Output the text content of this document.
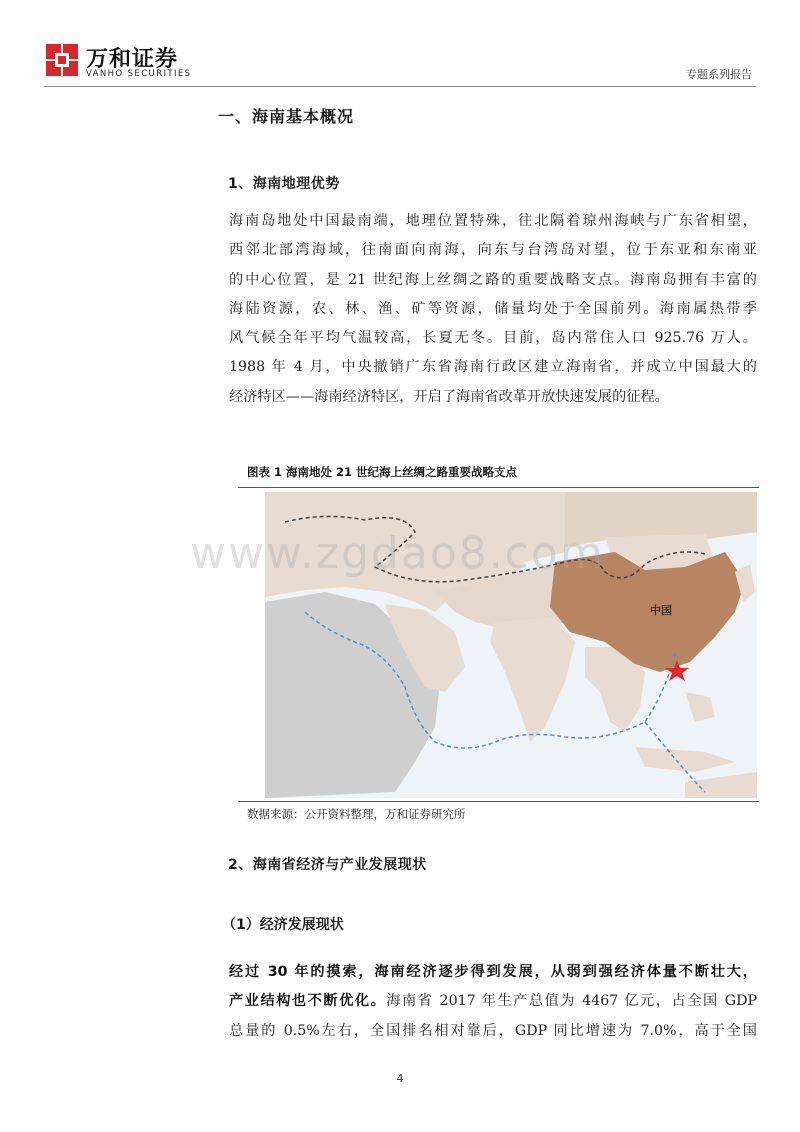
万和证券
VANHO SECURITIES	专题系列报告
一、海南基本概况
1、海南地理优势
海南岛地处中国最南端，地理位置特殊，往北隔着琼州海峡与广东省相望，
西邻北部湾海域，往南面向南海，向东与台湾岛对望，位于东亚和东南亚
的中心位置，是 21 世纪海上丝绸之路的重要战略支点。海南岛拥有丰富的
海陆资源，农、林、渔、矿等资源，储量均处于全国前列。海南属热带季
风气候全年平均气温较高，长夏无冬。目前，岛内常住人口 925.76 万人。
1988 年 4 月，中央撤销广东省海南行政区建立海南省，并成立中国最大的
经济特区——海南经济特区，开启了海南省改革开放快速发展的征程。
图表 1 海南地处 21 世纪海上丝绸之路重要战略支点
中国
www.zgdao8.com
数据来源：公开资料整理，万和证券研究所
2、海南省经济与产业发展现状
（1）经济发展现状
经过 30 年的摸索，海南经济逐步得到发展，从弱到强经济体量不断壮大，
产业结构也不断优化。海南省 2017 年生产总值为 4467 亿元，占全国 GDP
总量的 0.5%左右，全国排名相对靠后，GDP 同比增速为 7.0%，高于全国
4
